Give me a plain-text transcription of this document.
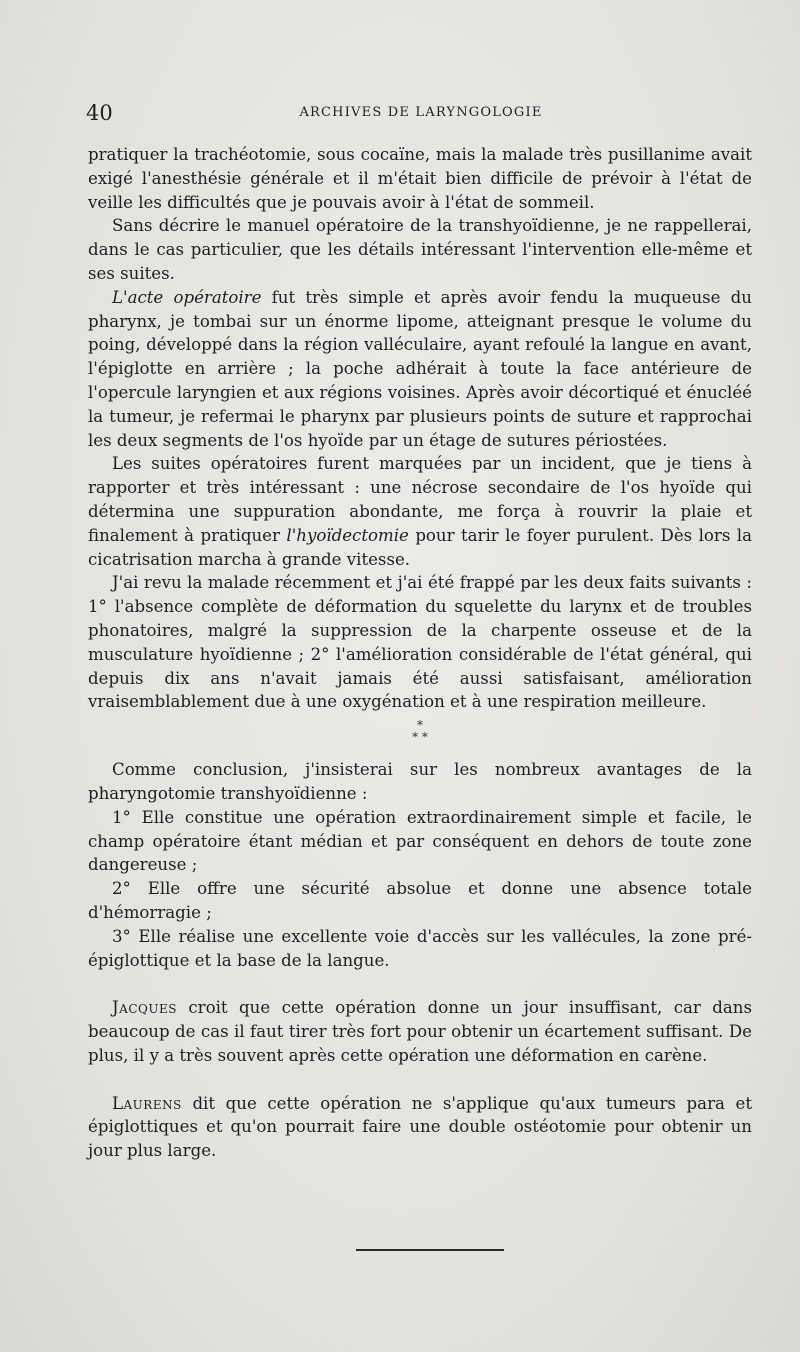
40	ARCHIVES DE LARYNGOLOGIE

pratiquer la trachéotomie, sous cocaïne, mais la malade très pusillanime avait exigé l'anesthésie générale et il m'était bien difficile de prévoir à l'état de veille les difficultés que je pouvais avoir à l'état de sommeil.

Sans décrire le manuel opératoire de la transhyoïdienne, je ne rappellerai, dans le cas particulier, que les détails intéressant l'intervention elle-même et ses suites.

L'acte opératoire fut très simple et après avoir fendu la muqueuse du pharynx, je tombai sur un énorme lipome, atteignant presque le volume du poing, développé dans la région valléculaire, ayant refoulé la langue en avant, l'épiglotte en arrière ; la poche adhérait à toute la face antérieure de l'opercule laryngien et aux régions voisines. Après avoir décortiqué et énucléé la tumeur, je refermai le pharynx par plusieurs points de suture et rapprochai les deux segments de l'os hyoïde par un étage de sutures périostées.

Les suites opératoires furent marquées par un incident, que je tiens à rapporter et très intéressant : une nécrose secondaire de l'os hyoïde qui détermina une suppuration abondante, me força à rouvrir la plaie et finalement à pratiquer l'hyoïdectomie pour tarir le foyer purulent. Dès lors la cicatrisation marcha à grande vitesse.

J'ai revu la malade récemment et j'ai été frappé par les deux faits suivants : 1° l'absence complète de déformation du squelette du larynx et de troubles phonatoires, malgré la suppression de la charpente osseuse et de la musculature hyoïdienne ; 2° l'amélioration considérable de l'état général, qui depuis dix ans n'avait jamais été aussi satisfaisant, amélioration vraisemblablement due à une oxygénation et à une respiration meilleure.

*
* *

Comme conclusion, j'insisterai sur les nombreux avantages de la pharyngotomie transhyoïdienne :

1° Elle constitue une opération extraordinairement simple et facile, le champ opératoire étant médian et par conséquent en dehors de toute zone dangereuse ;

2° Elle offre une sécurité absolue et donne une absence totale d'hémorragie ;

3° Elle réalise une excellente voie d'accès sur les vallécules, la zone pré-épiglottique et la base de la langue.

Jacques croit que cette opération donne un jour insuffisant, car dans beaucoup de cas il faut tirer très fort pour obtenir un écartement suffisant. De plus, il y a très souvent après cette opération une déformation en carène.

Laurens dit que cette opération ne s'applique qu'aux tumeurs para et épiglottiques et qu'on pourrait faire une double ostéotomie pour obtenir un jour plus large.
